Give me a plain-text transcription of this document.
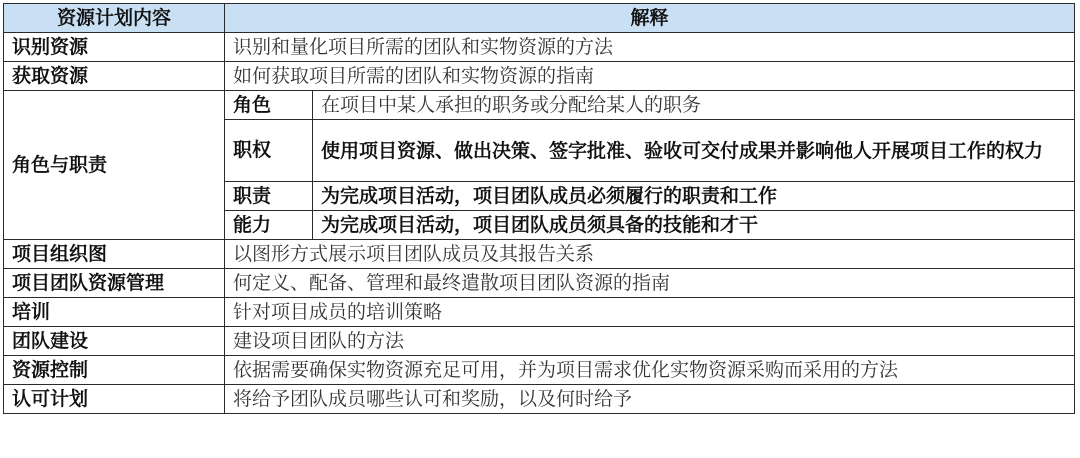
资源计划内容	解释	
识别资源	识别和量化项目所需的团队和实物资源的方法	
获取资源	如何获取项目所需的团队和实物资源的指南	
角色与职责	角色	在项目中某人承担的职务或分配给某人的职务
	职权	使用项目资源、做出决策、签字批准、验收可交付成果并影响他人开展项目工作的权力
	职责	为完成项目活动，项目团队成员必须履行的职责和工作
	能力	为完成项目活动，项目团队成员须具备的技能和才干
项目组织图	以图形方式展示项目团队成员及其报告关系	
项目团队资源管理	何定义、配备、管理和最终遣散项目团队资源的指南	
培训	针对项目成员的培训策略	
团队建设	建设项目团队的方法	
资源控制	依据需要确保实物资源充足可用，并为项目需求优化实物资源采购而采用的方法	
认可计划	将给予团队成员哪些认可和奖励，以及何时给予	
